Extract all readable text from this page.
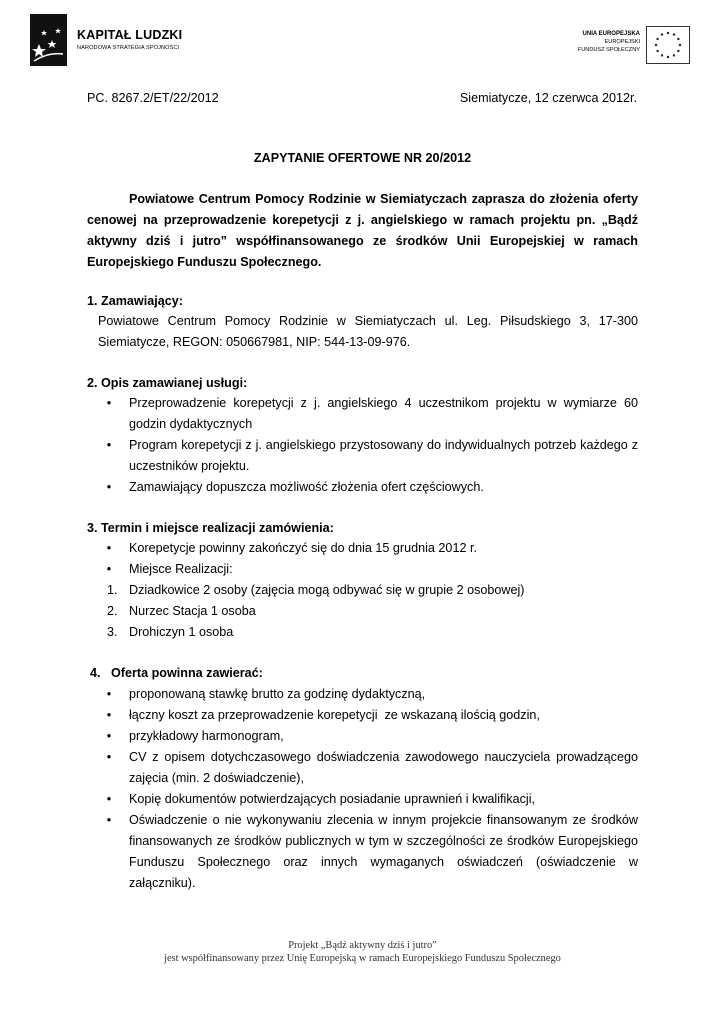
KAPITAŁ LUDZKI
NARODOWA STRATEGIA SPÓJNOŚCI
UNIA EUROPEJSKA
EUROPEJSKI
FUNDUSZ SPOŁECZNY
PC. 8267.2/ET/22/2012	Siemiatycze, 12 czerwca 2012r.
ZAPYTANIE OFERTOWE NR 20/2012
Powiatowe Centrum Pomocy Rodzinie w Siemiatyczach zaprasza do złożenia oferty cenowej na przeprowadzenie korepetycji z j. angielskiego w ramach projektu pn. „Bądź aktywny dziś i jutro” współfinansowanego ze środków Unii Europejskiej w ramach Europejskiego Funduszu Społecznego.
1. Zamawiający:
Powiatowe Centrum Pomocy Rodzinie w Siemiatyczach ul. Leg. Piłsudskiego 3, 17-300 Siemiatycze, REGON: 050667981, NIP: 544-13-09-976.
2. Opis zamawianej usługi:
• Przeprowadzenie korepetycji z j. angielskiego 4 uczestnikom projektu w wymiarze 60 godzin dydaktycznych
• Program korepetycji z j. angielskiego przystosowany do indywidualnych potrzeb każdego z uczestników projektu.
• Zamawiający dopuszcza możliwość złożenia ofert częściowych.
3. Termin i miejsce realizacji zamówienia:
• Korepetycje powinny zakończyć się do dnia 15 grudnia 2012 r.
• Miejsce Realizacji:
1. Dziadkowice 2 osoby (zajęcia mogą odbywać się w grupie 2 osobowej)
2. Nurzec Stacja 1 osoba
3. Drohiczyn 1 osoba
4.   Oferta powinna zawierać:
• proponowaną stawkę brutto za godzinę dydaktyczną,
• łączny koszt za przeprowadzenie korepetycji  ze wskazaną ilością godzin,
• przykładowy harmonogram,
• CV z opisem dotychczasowego doświadczenia zawodowego nauczyciela prowadzącego zajęcia (min. 2 doświadczenie),
• Kopię dokumentów potwierdzających posiadanie uprawnień i kwalifikacji,
• Oświadczenie o nie wykonywaniu zlecenia w innym projekcie finansowanym ze środków finansowanych ze środków publicznych w tym w szczególności ze środków Europejskiego Funduszu Społecznego oraz innych wymaganych oświadczeń (oświadczenie w załączniku).
Projekt „Bądź aktywny dziś i jutro”
jest współfinansowany przez Unię Europejską w ramach Europejskiego Funduszu Społecznego
